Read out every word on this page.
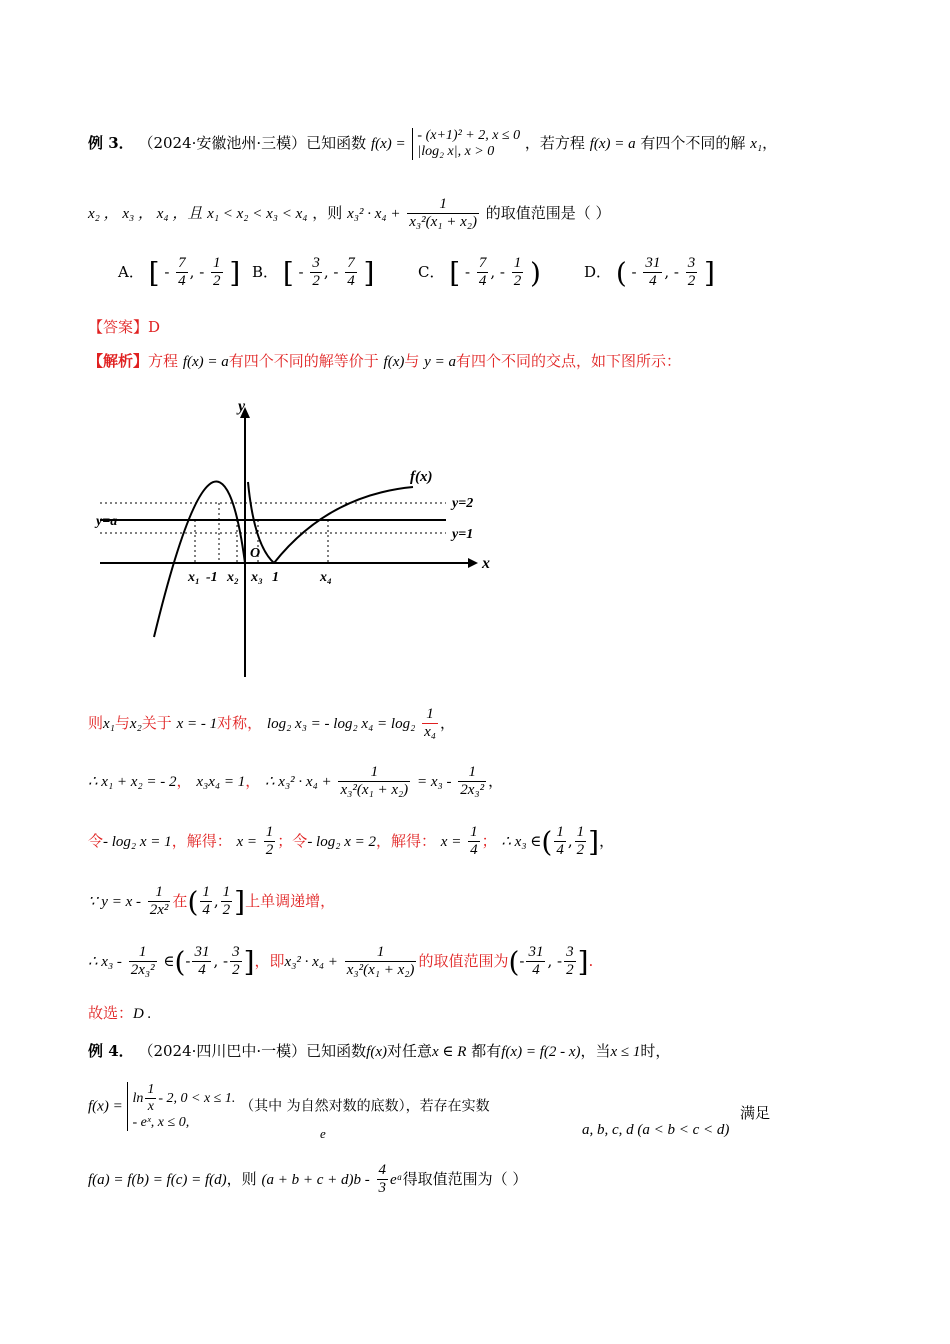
例 3． （2024·安徽池州·三模）已知函数 f(x) =
- (x+1)² + 2, x ≤ 0
|log₂ x|, x > 0	，若方程 f(x) = a 有四个不同的解 x₁，
x₂ ， x₃ ， x₄ ，且 x₁ < x₂ < x₃ < x₄ ，则 $x_3^2 \cdot x_4 + \frac{1}{\text{x₃²(x₁ + x₂)}}$ 的取值范围是（ ）
A． [ - $\frac{7}{4}$ , - $\frac{1}{2}$ ] B． [ - $\frac{3}{2}$ , - $\frac{7}{4}$ ]	C． [ - $\frac{7}{4}$ , - $\frac{1}{2}$ )	D． ( - $\frac{31}{4}$ , - $\frac{3}{2}$ ]
【答案】D
【解析】方程 f(x) = a有四个不同的解等价于 f(x)与 y = a有四个不同的交点，如下图所示：
y
x
y=a
y=2
y=1
f(x)
O
x₁ -1 x₂ x₃ 1	x₄
则x₁与x₂关于 x = - 1对称， log₂ x₃ = - log₂ $x_4 = \log_2 \frac{1}{\text{x₄}}$ ，
∴ x₁ + x₂ = - 2， x₃x₄ = 1， ∴ $x_3^2 \cdot x_4 + \frac{1}{\text{x₃²(x₁ + x₂)}} = x_3 - \frac{1}{\text{2x₃²}}$ ，
令- log₂ x = 1，解得： $x = \frac{1}{2}$ ；令- log₂ x = 2，解得： $x = \frac{1}{4}$ ； ∴ x₃ ∈( $\frac{1}{4}$ , $\frac{1}{2}$ ]，
∵ $y = x - \frac{1}{\text{2x²}}$ 在( $\frac{1}{4}$ , $\frac{1}{2}$ ]上单调递增，
∴ $x_3 - \frac{1}{\text{2x₃²}}$ ∈(- $\frac{31}{4}$ , - $\frac{3}{2}$ ]，即$x_3^2 \cdot x_4 + \frac{1}{\text{x₃²(x₁ + x₂)}}$ 的取值范围为(- $\frac{31}{4}$ , - $\frac{3}{2}$ ].
故选：D .
例 4． （2024·四川巴中·一模）已知函数f(x)对任意x ∈ R 都有f(x) = f(2 - x)，当x ≤ 1时，
f(x) =
$\ln \frac{1}{x} - 2$, 0 < x ≤ 1.
- eˣ, x ≤ 0,
（其中 为自然对数的底数），若存在实数
e	a, b, c, d (a < b < c < d)
满足
f(a) = f(b) = f(c) = f(d)，则 $(a + b + c + d)b - \frac{4}{3}$ eᵃ得取值范围为（ ）
